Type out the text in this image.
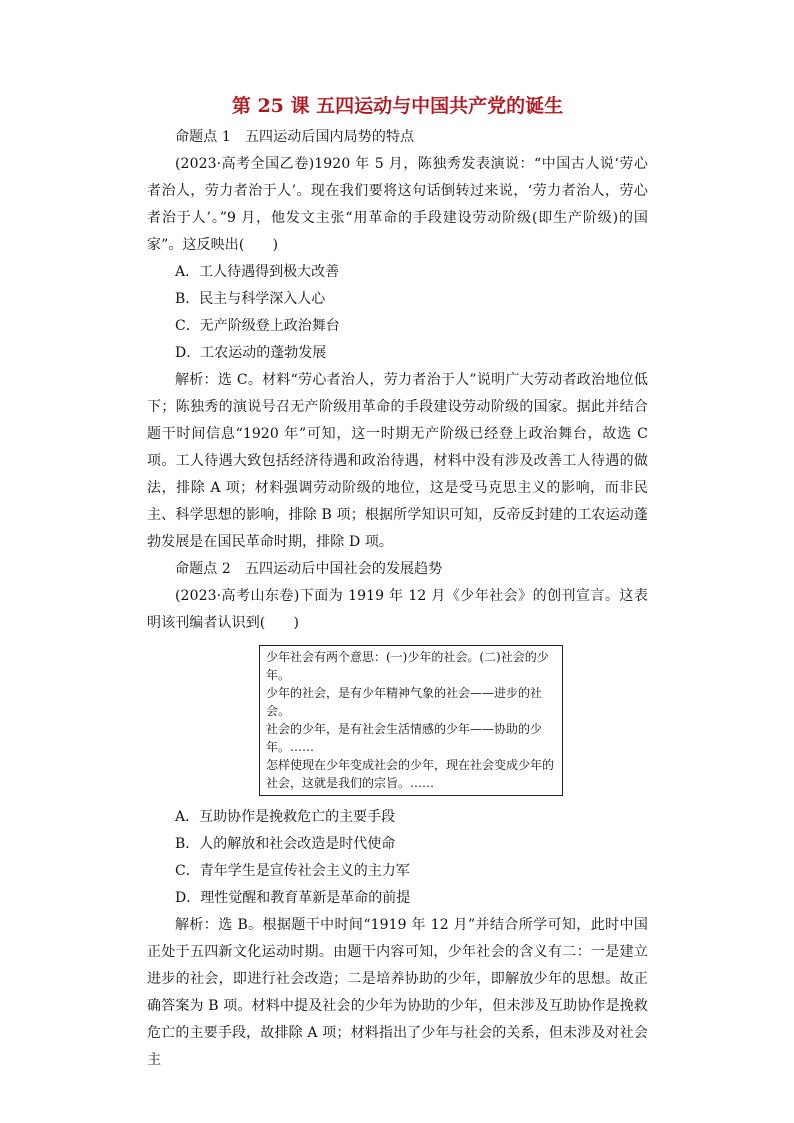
第 25 课 五四运动与中国共产党的诞生

命题点 1　五四运动后国内局势的特点

(2023·高考全国乙卷)1920 年 5 月，陈独秀发表演说：“中国古人说‘劳心者治人，劳力者治于人’。现在我们要将这句话倒转过来说，‘劳力者治人，劳心者治于人’。”9 月，他发文主张“用革命的手段建设劳动阶级(即生产阶级)的国家”。这反映出(　　)

A．工人待遇得到极大改善

B．民主与科学深入人心

C．无产阶级登上政治舞台

D．工农运动的蓬勃发展

解析：选 C。材料“劳心者治人，劳力者治于人”说明广大劳动者政治地位低下；陈独秀的演说号召无产阶级用革命的手段建设劳动阶级的国家。据此并结合题干时间信息“1920 年”可知，这一时期无产阶级已经登上政治舞台，故选 C 项。工人待遇大致包括经济待遇和政治待遇，材料中没有涉及改善工人待遇的做法，排除 A 项；材料强调劳动阶级的地位，这是受马克思主义的影响，而非民主、科学思想的影响，排除 B 项；根据所学知识可知，反帝反封建的工农运动蓬勃发展是在国民革命时期，排除 D 项。

命题点 2　五四运动后中国社会的发展趋势

(2023·高考山东卷)下面为 1919 年 12 月《少年社会》的创刊宣言。这表明该刊编者认识到(　　)

少年社会有两个意思：(一)少年的社会。(二)社会的少年。
少年的社会，是有少年精神气象的社会——进步的社会。
社会的少年，是有社会生活情感的少年——协助的少年。……
怎样使现在少年变成社会的少年，现在社会变成少年的社会，这就是我们的宗旨。……

A．互助协作是挽救危亡的主要手段

B．人的解放和社会改造是时代使命

C．青年学生是宣传社会主义的主力军

D．理性觉醒和教育革新是革命的前提

解析：选 B。根据题干中时间“1919 年 12 月”并结合所学可知，此时中国正处于五四新文化运动时期。由题干内容可知，少年社会的含义有二：一是建立进步的社会，即进行社会改造；二是培养协助的少年，即解放少年的思想。故正确答案为 B 项。材料中提及社会的少年为协助的少年，但未涉及互助协作是挽救危亡的主要手段，故排除 A 项；材料指出了少年与社会的关系，但未涉及对社会主
